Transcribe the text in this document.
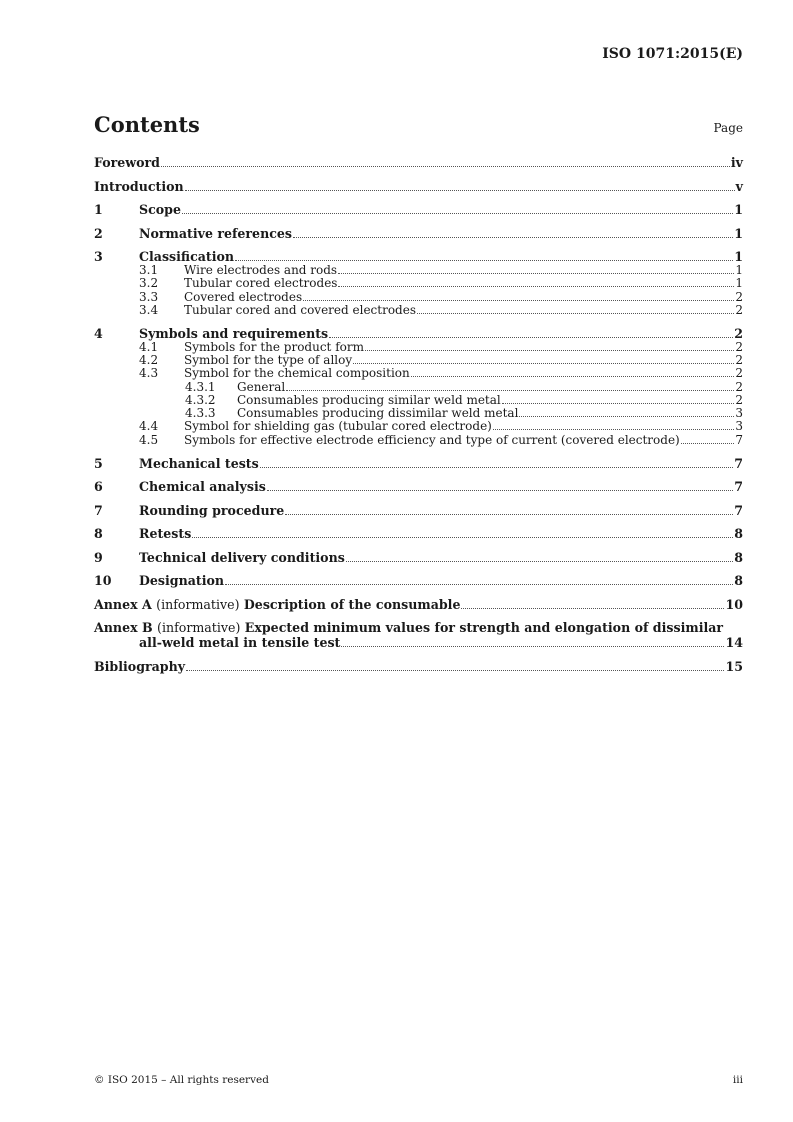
ISO 1071:2015(E)
Contents	Page
Foreword	iv
Introduction	v
1	Scope	1
2	Normative references	1
3	Classification	1
3.1	Wire electrodes and rods	1
3.2	Tubular cored electrodes	1
3.3	Covered electrodes	2
3.4	Tubular cored and covered electrodes	2
4	Symbols and requirements	2
4.1	Symbols for the product form	2
4.2	Symbol for the type of alloy	2
4.3	Symbol for the chemical composition	2
4.3.1	General	2
4.3.2	Consumables producing similar weld metal	2
4.3.3	Consumables producing dissimilar weld metal	3
4.4	Symbol for shielding gas (tubular cored electrode)	3
4.5	Symbols for effective electrode efficiency and type of current (covered electrode)	7
5	Mechanical tests	7
6	Chemical analysis	7
7	Rounding procedure	7
8	Retests	8
9	Technical delivery conditions	8
10	Designation	8
Annex A (informative) Description of the consumable	10
Annex B (informative) Expected minimum values for strength and elongation of dissimilar
all-weld metal in tensile test	14
Bibliography	15
© ISO 2015 – All rights reserved	iii
